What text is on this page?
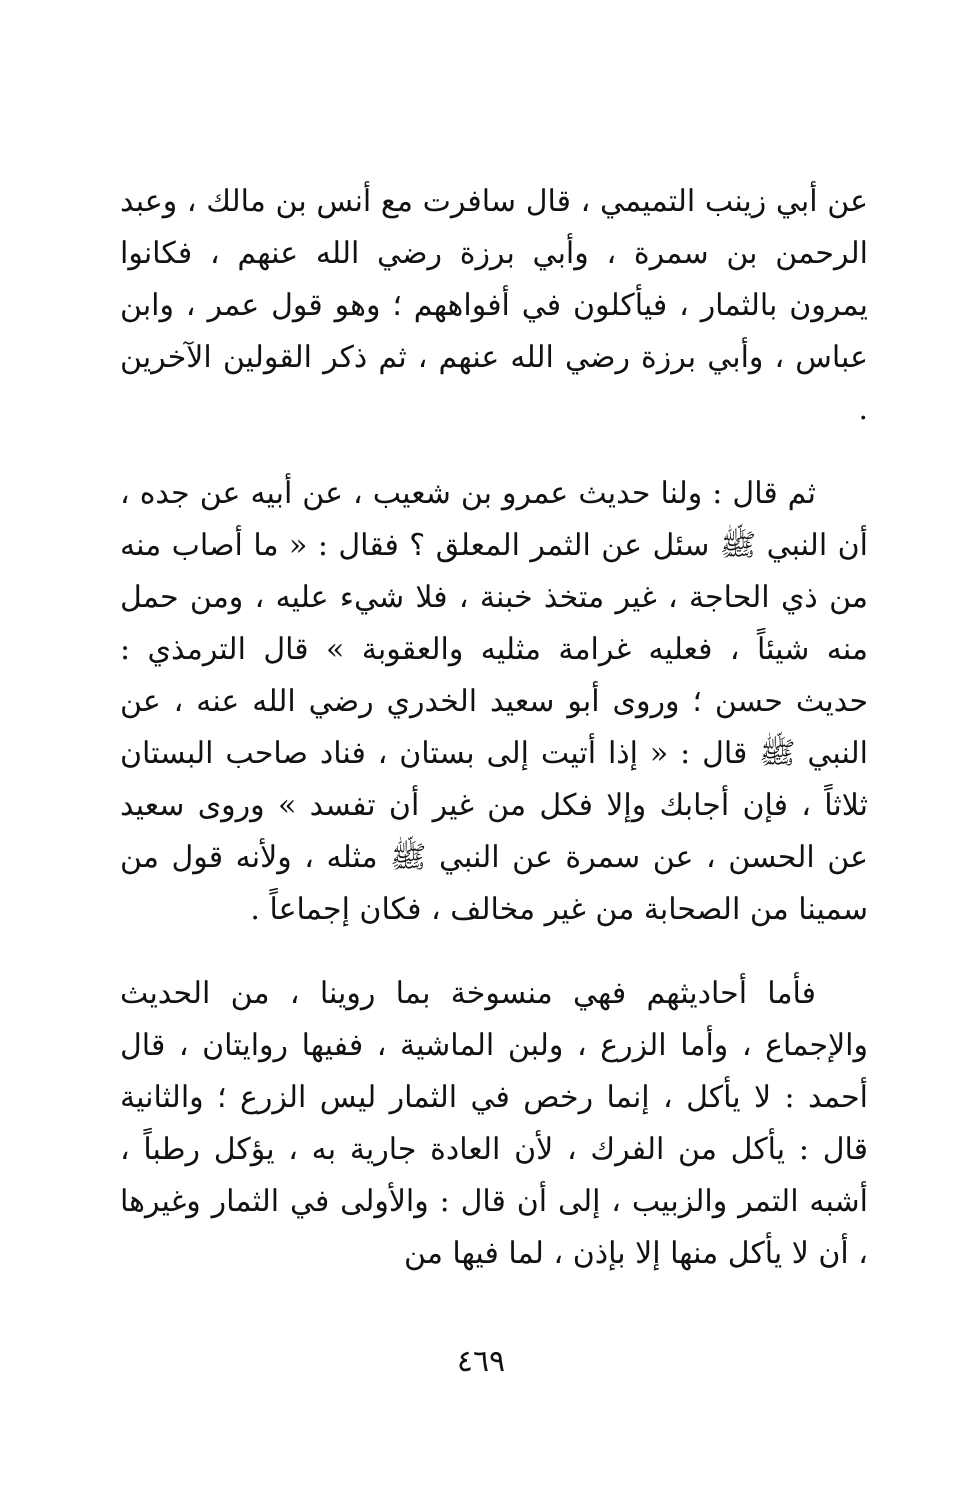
عن أبي زينب التميمي ، قال سافرت مع أنس بن مالك ، وعبد الرحمن بن سمرة ، وأبي برزة رضي الله عنهم ، فكانوا يمرون بالثمار ، فيأكلون في أفواههم ؛ وهو قول عمر ، وابن عباس ، وأبي برزة رضي الله عنهم ، ثم ذكر القولين الآخرين .

ثم قال : ولنا حديث عمرو بن شعيب ، عن أبيه عن جده ، أن النبي ﷺ سئل عن الثمر المعلق ؟ فقال : « ما أصاب منه من ذي الحاجة ، غير متخذ خبنة ، فلا شيء عليه ، ومن حمل منه شيئاً ، فعليه غرامة مثليه والعقوبة » قال الترمذي : حديث حسن ؛ وروى أبو سعيد الخدري رضي الله عنه ، عن النبي ﷺ قال : « إذا أتيت إلى بستان ، فناد صاحب البستان ثلاثاً ، فإن أجابك وإلا فكل من غير أن تفسد » وروى سعيد عن الحسن ، عن سمرة عن النبي ﷺ مثله ، ولأنه قول من سمينا من الصحابة من غير مخالف ، فكان إجماعاً .

فأما أحاديثهم فهي منسوخة بما روينا ، من الحديث والإجماع ، وأما الزرع ، ولبن الماشية ، ففيها روايتان ، قال أحمد : لا يأكل ، إنما رخص في الثمار ليس الزرع ؛ والثانية قال : يأكل من الفرك ، لأن العادة جارية به ، يؤكل رطباً ، أشبه التمر والزبيب ، إلى أن قال : والأولى في الثمار وغيرها ، أن لا يأكل منها إلا بإذن ، لما فيها من

٤٦٩
